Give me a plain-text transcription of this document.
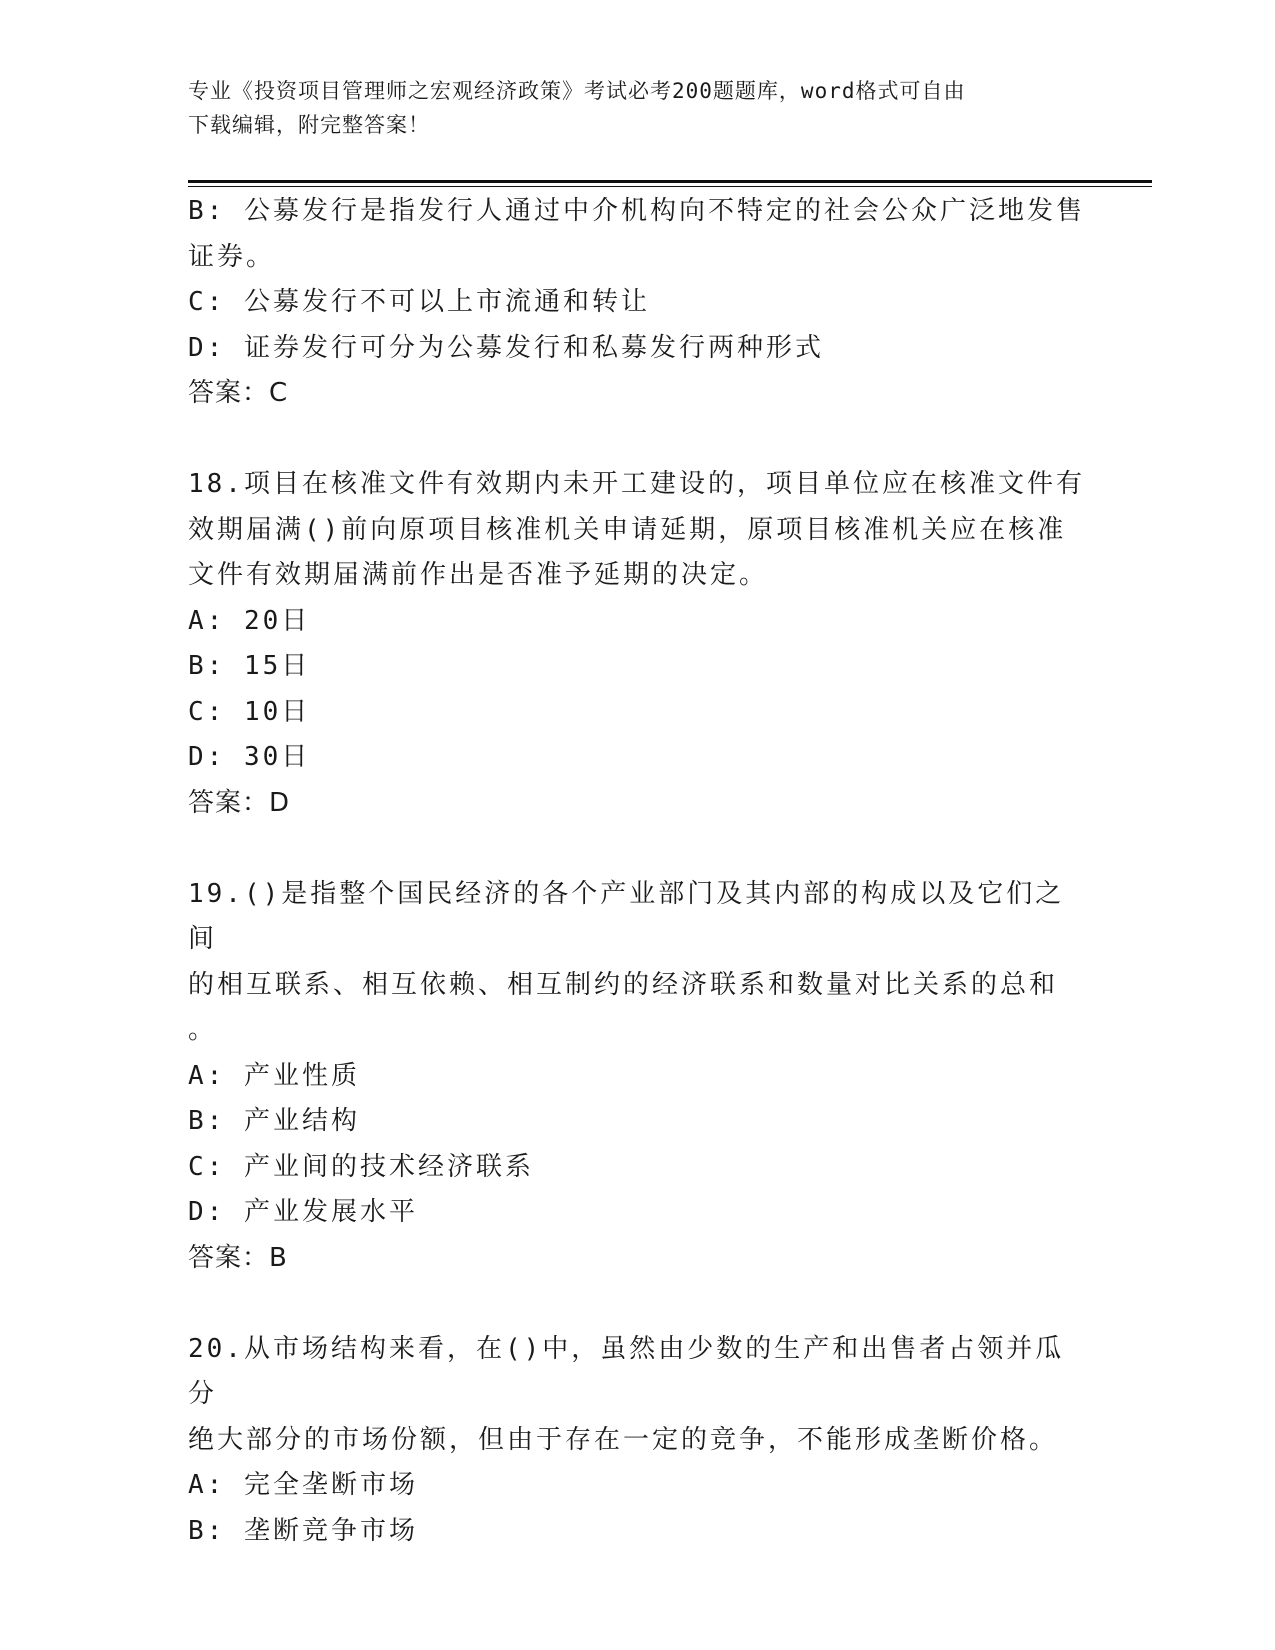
专业《投资项目管理师之宏观经济政策》考试必考200题题库，word格式可自由
下载编辑，附完整答案！
B: 公募发行是指发行人通过中介机构向不特定的社会公众广泛地发售
证券。
C: 公募发行不可以上市流通和转让
D: 证券发行可分为公募发行和私募发行两种形式
答案：C
18.项目在核准文件有效期内未开工建设的，项目单位应在核准文件有
效期届满()前向原项目核准机关申请延期，原项目核准机关应在核准
文件有效期届满前作出是否准予延期的决定。
A: 20日
B: 15日
C: 10日
D: 30日
答案：D
19.()是指整个国民经济的各个产业部门及其内部的构成以及它们之间
的相互联系、相互依赖、相互制约的经济联系和数量对比关系的总和
。
A: 产业性质
B: 产业结构
C: 产业间的技术经济联系
D: 产业发展水平
答案：B
20.从市场结构来看，在()中，虽然由少数的生产和出售者占领并瓜分
绝大部分的市场份额，但由于存在一定的竞争，不能形成垄断价格。
A: 完全垄断市场
B: 垄断竞争市场
